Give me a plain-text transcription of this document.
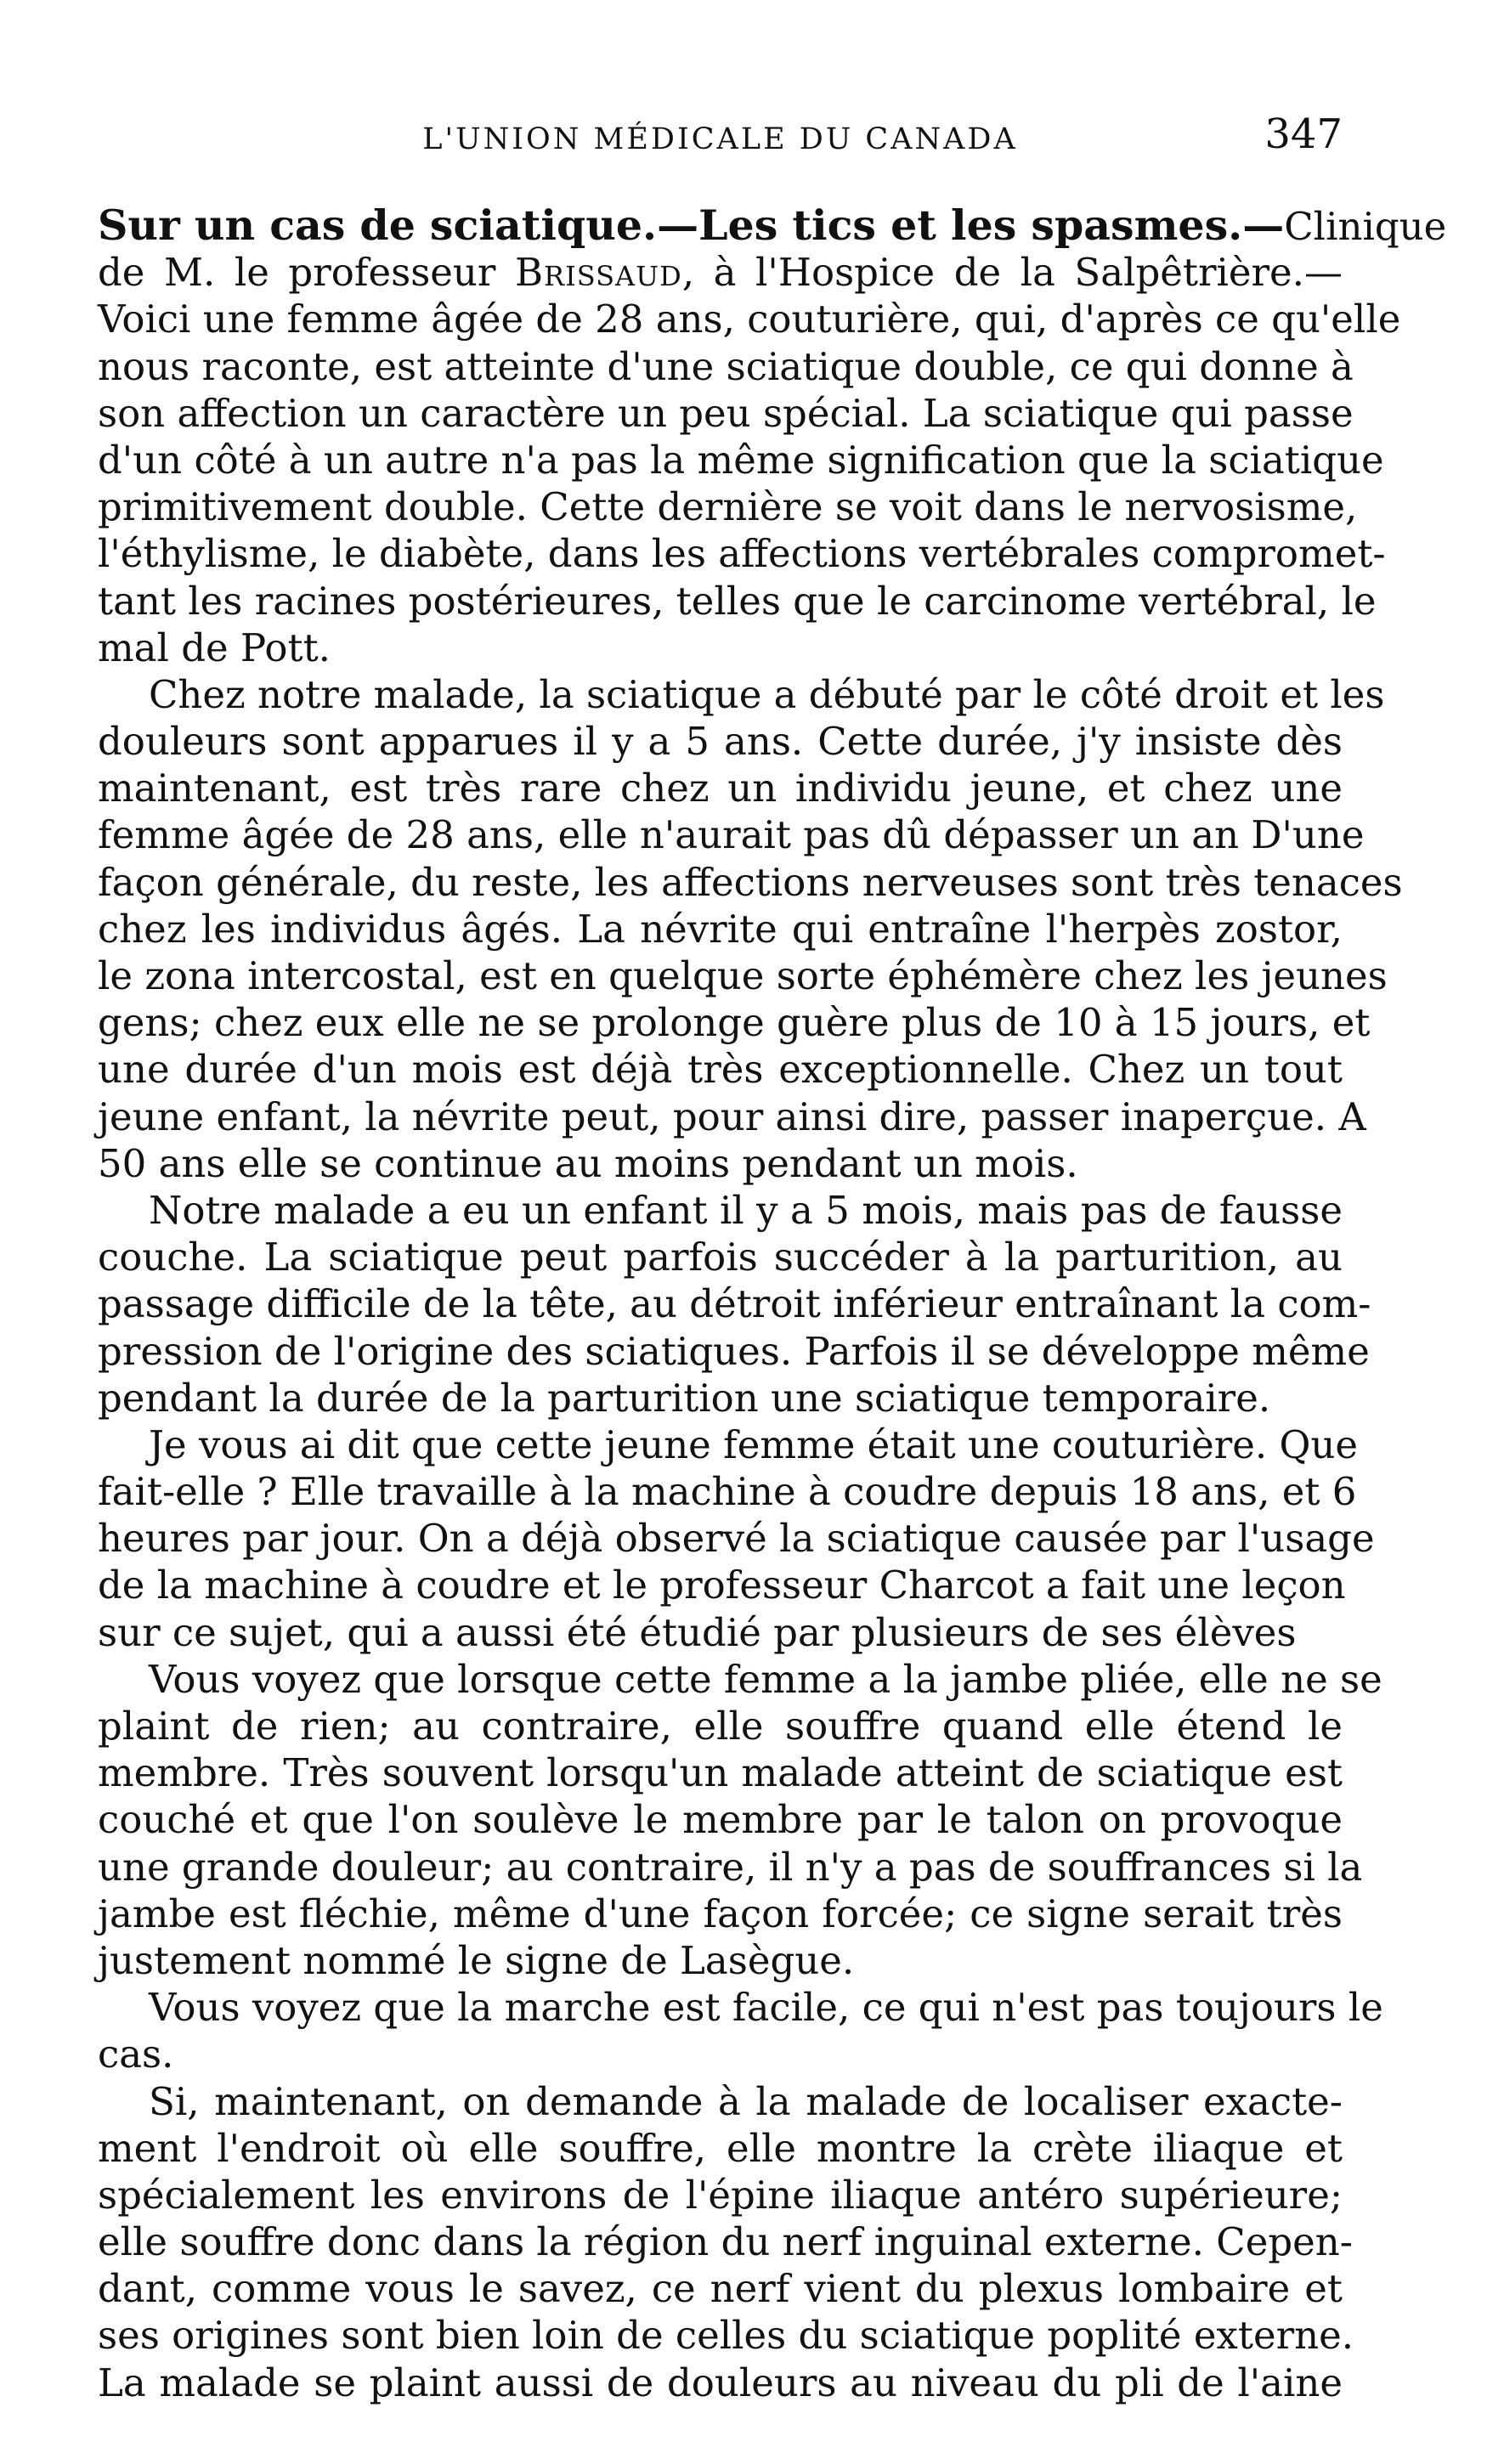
L'UNION MÉDICALE DU CANADA	347
Sur un cas de sciatique.—Les tics et les spasmes.—Clinique
de M. le professeur Brissaud, à l'Hospice de la Salpêtrière.—
Voici une femme âgée de 28 ans, couturière, qui, d'après ce qu'elle
nous raconte, est atteinte d'une sciatique double, ce qui donne à
son affection un caractère un peu spécial. La sciatique qui passe
d'un côté à un autre n'a pas la même signification que la sciatique
primitivement double. Cette dernière se voit dans le nervosisme,
l'éthylisme, le diabète, dans les affections vertébrales compromet-
tant les racines postérieures, telles que le carcinome vertébral, le
mal de Pott.
Chez notre malade, la sciatique a débuté par le côté droit et les
douleurs sont apparues il y a 5 ans. Cette durée, j'y insiste dès
maintenant, est très rare chez un individu jeune, et chez une
femme âgée de 28 ans, elle n'aurait pas dû dépasser un an D'une
façon générale, du reste, les affections nerveuses sont très tenaces
chez les individus âgés. La névrite qui entraîne l'herpès zostor,
le zona intercostal, est en quelque sorte éphémère chez les jeunes
gens; chez eux elle ne se prolonge guère plus de 10 à 15 jours, et
une durée d'un mois est déjà très exceptionnelle. Chez un tout
jeune enfant, la névrite peut, pour ainsi dire, passer inaperçue. A
50 ans elle se continue au moins pendant un mois.
Notre malade a eu un enfant il y a 5 mois, mais pas de fausse
couche. La sciatique peut parfois succéder à la parturition, au
passage difficile de la tête, au détroit inférieur entraînant la com-
pression de l'origine des sciatiques. Parfois il se développe même
pendant la durée de la parturition une sciatique temporaire.
Je vous ai dit que cette jeune femme était une couturière. Que
fait-elle ? Elle travaille à la machine à coudre depuis 18 ans, et 6
heures par jour. On a déjà observé la sciatique causée par l'usage
de la machine à coudre et le professeur Charcot a fait une leçon
sur ce sujet, qui a aussi été étudié par plusieurs de ses élèves
Vous voyez que lorsque cette femme a la jambe pliée, elle ne se
plaint de rien; au contraire, elle souffre quand elle étend le
membre. Très souvent lorsqu'un malade atteint de sciatique est
couché et que l'on soulève le membre par le talon on provoque
une grande douleur; au contraire, il n'y a pas de souffrances si la
jambe est fléchie, même d'une façon forcée; ce signe serait très
justement nommé le signe de Lasègue.
Vous voyez que la marche est facile, ce qui n'est pas toujours le
cas.
Si, maintenant, on demande à la malade de localiser exacte-
ment l'endroit où elle souffre, elle montre la crète iliaque et
spécialement les environs de l'épine iliaque antéro supérieure;
elle souffre donc dans la région du nerf inguinal externe. Cepen-
dant, comme vous le savez, ce nerf vient du plexus lombaire et
ses origines sont bien loin de celles du sciatique poplité externe.
La malade se plaint aussi de douleurs au niveau du pli de l'aine
